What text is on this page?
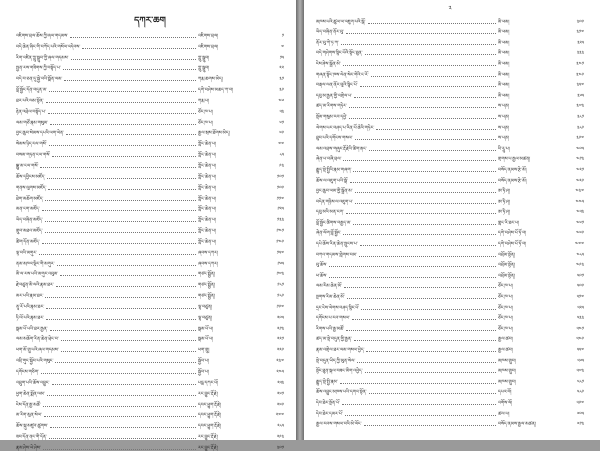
དཀར་ཆག
འཇིགས་བྲལ་ཆོས་ཀྱི་ཞལ་གདམས་	འཇིགས་བྲལ།	༡
བདེ་ཆེན་ཞིང་གི་བཀོད་པའི་གསོལ་འདེབས་	འཇིགས་བྲལ།	༧
རིག་འཛིན་ཀླུ་སྒྲུབ་ཀྱི་ཞལ་གདམས་	ཀླུ་སྒྲུབ།	༡༥
སྤྱན་རས་གཟིགས་ཀྱི་བསྟོད་པ་	ཀླུ་སྒྲུབ།	༢༢
བདེ་བ་ཅན་དུ་སྐྱེ་བའི་སྨོན་ལམ་	ཀརྨ་ཆགས་མེད།	༣༡
བློ་སྦྱོང་དོན་བདུན་མ་	དགེ་བཤེས་མཆད་ཀ་བ།	༣༩
ཐར་པའི་ལམ་སྟོན་	ཀརྨ་པ།	༤༦
རྟེན་འབྲེལ་བསྟོད་པ་	ཙོང་ཁ་པ།	༥༣
ལམ་གཙོ་རྣམ་གསུམ་	ཙོང་ཁ་པ།	༦༡
བྱང་ཆུབ་སེམས་དཔའི་ལག་ལེན་	རྒྱལ་སྲས་ཐོགས་མེད།	༦༩
སེམས་ཉིད་ངལ་གསོ་	ཀློང་ཆེན་པ།	༧༧
བསམ་གཏན་ངལ་གསོ་	ཀློང་ཆེན་པ།	༨༥
སྒྱུ་མ་ངལ་གསོ་	ཀློང་ཆེན་པ།	༩༣
ཆོས་དབྱིངས་མཛོད་	ཀློང་ཆེན་པ།	༡༠༡
གནས་ལུགས་མཛོད་	ཀློང་ཆེན་པ།	༡༠༩
ཐེག་མཆོག་མཛོད་	ཀློང་ཆེན་པ།	༡༡༧
མན་ངག་མཛོད་	ཀློང་ཆེན་པ།	༡༢༥
ཡིད་བཞིན་མཛོད་	ཀློང་ཆེན་པ།	༡༣༣
གྲུབ་མཐའ་མཛོད་	ཀློང་ཆེན་པ།	༡༤༡
ཚིག་དོན་མཛོད་	ཀློང་ཆེན་པ།	༡༤༩
ལྟ་བའི་མགུར་	ཞབས་དཀར།	༡༥༧
ནམ་མཁའ་ལྡིང་གི་མགུར་	ཞབས་དཀར།	༡༦༥
མི་ལ་རས་པའི་མགུར་འབུམ་	གཙང་སྨྱོན།	༡༧༣
རྗེ་བཙུན་མི་ལའི་རྣམ་ཐར་	གཙང་སྨྱོན།	༡༨༡
མར་པའི་རྣམ་ཐར་	གཙང་སྨྱོན།	༡༨༩
ནཱ་རོ་པའི་རྣམ་ཐར་	ལྷ་བཙུན།	༡༩༧
ཏི་ལོ་པའི་རྣམ་ཐར་	ལྷ་བཙུན།	༢༠༥
སྒམ་པོ་པའི་ཐར་རྒྱན་	སྒམ་པོ་པ།	༢༡༣
ལམ་མཆོག་རིན་ཆེན་ཕྲེང་བ་	སྒམ་པོ་པ།	༢༢༡
ཕག་མོ་གྲུ་པའི་ཞལ་གདམས་	ཕག་གྲུ།	༢༢༩
འབྲི་གུང་སྐྱོབ་པའི་གསུང་	སྐྱོབ་པ།	༢༣༧
དགོངས་གཅིག་	སྐྱོབ་པ།	༢༤༥
འབྲུག་པའི་ཆོས་འབྱུང་	པདྨ་དཀར་པོ།	༢༥༣
ཕྱག་ཆེན་སྨོན་ལམ་	རང་བྱུང་རྡོ་རྗེ།	༢༦༡
ངེས་དོན་རྒྱ་མཚོ་	དབང་ཕྱུག་རྡོ་རྗེ།	༢༦༩
མ་རིག་མུན་སེལ་	དབང་ཕྱུག་རྡོ་རྗེ།	༢༧༧
ཆོས་སྐུ་མཛུབ་ཚུགས་	དབང་ཕྱུག་རྡོ་རྗེ།	༢༨༥
ཟབ་དོན་ནང་གི་དོན་	རང་བྱུང་རྡོ་རྗེ།	༢༩༣
རྣམ་ཤེས་ཡེ་ཤེས་	རང་བྱུང་རྡོ་རྗེ།	༣༠༡
༢
མཁས་པའི་ཚུལ་ལ་འཇུག་པའི་སྒོ་	མི་ཕམ།	༣༠༩
ཡིད་བཞིན་ནོར་བུ་	མི་ཕམ།	༣༡༧
ནོར་བུ་ཀེ་ཏ་ཀ་	མི་ཕམ།	༣༢༥
བདེ་གཤེགས་སྙིང་པོའི་སྟོང་ཐུན་	མི་ཕམ།	༣༣༣
ངེས་ཤེས་སྒྲོན་མེ་	མི་ཕམ།	༣༤༡
གཞན་སྟོང་ཁས་ལེན་སེང་གེའི་ང་རོ་	མི་ཕམ།	༣༤༩
བརྒལ་ལན་ནོར་བུའི་སྙིང་པོ་	མི་ཕམ།	༣༥༧
དབུ་མ་རྒྱན་གྱི་འགྲེལ་པ་	མི་ཕམ།	༣༦༥
ཚད་མ་རིགས་གཏེར་	ས་པཎ།	༣༧༣
སྡོམ་གསུམ་རབ་དབྱེ་	ས་པཎ།	༣༨༡
ལེགས་པར་བཤད་པ་རིན་པོ་ཆེའི་གཏེར་	ས་པཎ།	༣༨༩
ཐུབ་པའི་དགོངས་གསལ་	ས་པཎ།	༣༩༧
ལམ་འབྲས་གཞུང་རྡོ་རྗེའི་ཚིག་རྐང་	བི་རཱུ་པ།	༤༠༥
ཞེན་པ་བཞི་བྲལ་	གྲགས་པ་རྒྱལ་མཚན།	༤༡༣
རྒྱུད་སྡེ་སྤྱིའི་རྣམ་གཞག་	བསོད་ནམས་རྩེ་མོ།	༤༢༡
ཆོས་ལ་འཇུག་པའི་སྒོ་	བསོད་ནམས་རྩེ་མོ།	༤༢༩
བྱང་ཆུབ་ལམ་གྱི་སྒྲོན་མ་	ཨ་ཏི་ཤ།	༤༣༧
བདེན་གཉིས་ལ་འཇུག་པ་	ཨ་ཏི་ཤ།	༤༤༥
དབུ་མའི་མན་ངག་	ཨ་ཏི་ཤ།	༤༥༣
བློ་སྦྱོང་ཚིགས་བརྒྱད་མ་	གླང་རི་ཐང་པ།	༤༦༡
ཞེན་ལོག་བློ་སྦྱོང་	དགེ་བཤེས་པོ་ཏོ་བ།	༤༦༩
དཔེ་ཆོས་རིན་ཆེན་སྤུངས་པ་	དགེ་བཤེས་པོ་ཏོ་བ།	༤༧༧
བཀའ་གདམས་གླེགས་བམ་	འབྲོམ་སྟོན།	༤༨༥
བུ་ཆོས་	འབྲོམ་སྟོན།	༤༩༣
ཕ་ཆོས་	འབྲོམ་སྟོན།	༥༠༡
ལམ་རིམ་ཆེན་མོ་	ཙོང་ཁ་པ།	༥༠༩
སྔགས་རིམ་ཆེན་མོ་	ཙོང་ཁ་པ།	༥༡༧
དྲང་ངེས་ལེགས་བཤད་སྙིང་པོ་	ཙོང་ཁ་པ།	༥༢༥
དགོངས་པ་རབ་གསལ་	ཙོང་ཁ་པ།	༥༣༣
རིགས་པའི་རྒྱ་མཚོ་	ཙོང་ཁ་པ།	༥༤༡
ཚད་མ་སྡེ་བདུན་གྱི་རྒྱན་	རྒྱལ་ཚབ།	༥༤༩
རྣམ་འགྲེལ་ཐར་ལམ་གསལ་བྱེད་	རྒྱལ་ཚབ།	༥༥༧
སྡེ་བདུན་ཡིད་ཀྱི་མུན་སེལ་	མཁས་གྲུབ།	༥༦༥
སྟོང་ཐུན་སྐལ་བཟང་མིག་འབྱེད་	མཁས་གྲུབ།	༥༧༣
རྒྱུད་སྡེ་སྤྱི་རྣམ་	མཁས་གྲུབ།	༥༨༡
ཆོས་འབྱུང་མཁས་པའི་དགའ་སྟོན་	དཔའ་བོ།	༥༨༩
དེབ་ཐེར་སྔོན་པོ་	འགོས་ལོ།	༥༩༧
དེབ་ཐེར་དམར་པོ་	ཚལ་པ།	༦༠༥
རྒྱལ་རབས་གསལ་བའི་མེ་ལོང་	བསོད་ནམས་རྒྱལ་མཚན།	༦༡༣
